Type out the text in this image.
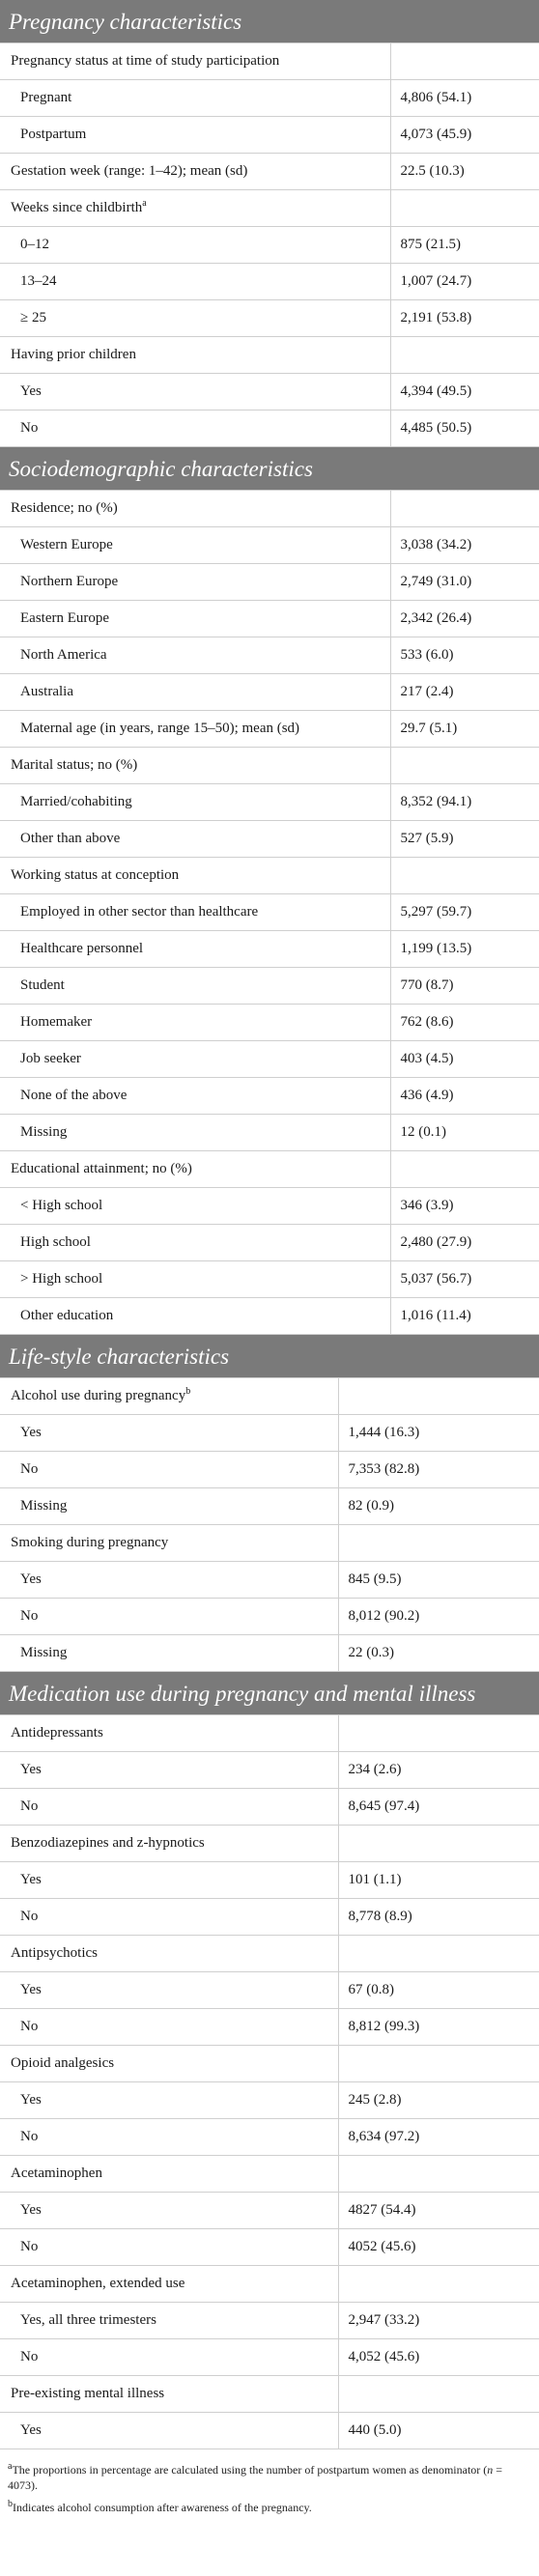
Pregnancy characteristics
Pregnancy status at time of study participation	
Pregnant	4,806 (54.1)
Postpartum	4,073 (45.9)
Gestation week (range: 1–42); mean (sd)	22.5 (10.3)
Weeks since childbirth$^a$	
0–12	875 (21.5)
13–24	1,007 (24.7)
≥ 25	2,191 (53.8)
Having prior children	
Yes	4,394 (49.5)
No	4,485 (50.5)
Sociodemographic characteristics
Residence; no (%)	
Western Europe	3,038 (34.2)
Northern Europe	2,749 (31.0)
Eastern Europe	2,342 (26.4)
North America	533 (6.0)
Australia	217 (2.4)
Maternal age (in years, range 15–50); mean (sd)	29.7 (5.1)
Marital status; no (%)	
Married/cohabiting	8,352 (94.1)
Other than above	527 (5.9)
Working status at conception	
Employed in other sector than healthcare	5,297 (59.7)
Healthcare personnel	1,199 (13.5)
Student	770 (8.7)
Homemaker	762 (8.6)
Job seeker	403 (4.5)
None of the above	436 (4.9)
Missing	12 (0.1)
Educational attainment; no (%)	
< High school	346 (3.9)
High school	2,480 (27.9)
> High school	5,037 (56.7)
Other education	1,016 (11.4)
Life-style characteristics
Alcohol use during pregnancy$^b$	
Yes	1,444 (16.3)
No	7,353 (82.8)
Missing	82 (0.9)
Smoking during pregnancy	
Yes	845 (9.5)
No	8,012 (90.2)
Missing	22 (0.3)
Medication use during pregnancy and mental illness
Antidepressants	
Yes	234 (2.6)
No	8,645 (97.4)
Benzodiazepines and z-hypnotics	
Yes	101 (1.1)
No	8,778 (8.9)
Antipsychotics	
Yes	67 (0.8)
No	8,812 (99.3)
Opioid analgesics	
Yes	245 (2.8)
No	8,634 (97.2)
Acetaminophen	
Yes	4827 (54.4)
No	4052 (45.6)
Acetaminophen, extended use	
Yes, all three trimesters	2,947 (33.2)
No	4,052 (45.6)
Pre-existing mental illness	
Yes	440 (5.0)

$^a$The proportions in percentage are calculated using the number of postpartum women as denominator (n = 4073).

$^b$Indicates alcohol consumption after awareness of the pregnancy.
